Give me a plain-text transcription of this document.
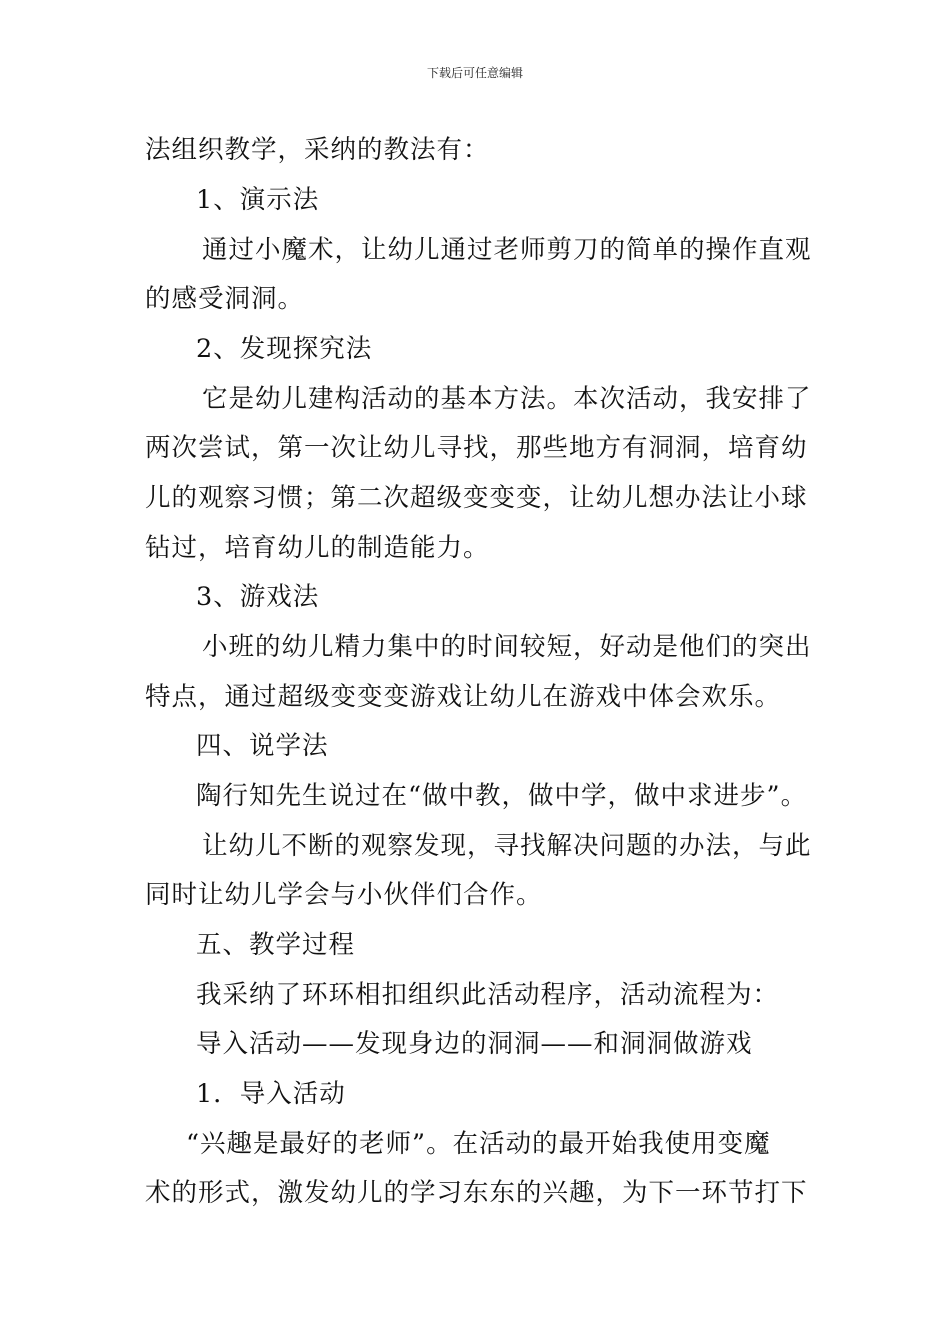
下载后可任意编辑
法组织教学，采纳的教法有：
1、演示法
通过小魔术，让幼儿通过老师剪刀的简单的操作直观
的感受洞洞。
2、发现探究法
它是幼儿建构活动的基本方法。本次活动，我安排了
两次尝试，第一次让幼儿寻找，那些地方有洞洞，培育幼
儿的观察习惯；第二次超级变变变，让幼儿想办法让小球
钻过，培育幼儿的制造能力。
3、游戏法
小班的幼儿精力集中的时间较短，好动是他们的突出
特点，通过超级变变变游戏让幼儿在游戏中体会欢乐。
四、说学法
陶行知先生说过在“做中教，做中学，做中求进步”。
让幼儿不断的观察发现，寻找解决问题的办法，与此
同时让幼儿学会与小伙伴们合作。
五、教学过程
我采纳了环环相扣组织此活动程序，活动流程为：
导入活动——发现身边的洞洞——和洞洞做游戏
1．导入活动
“兴趣是最好的老师”。在活动的最开始我使用变魔
术的形式，激发幼儿的学习东东的兴趣，为下一环节打下
